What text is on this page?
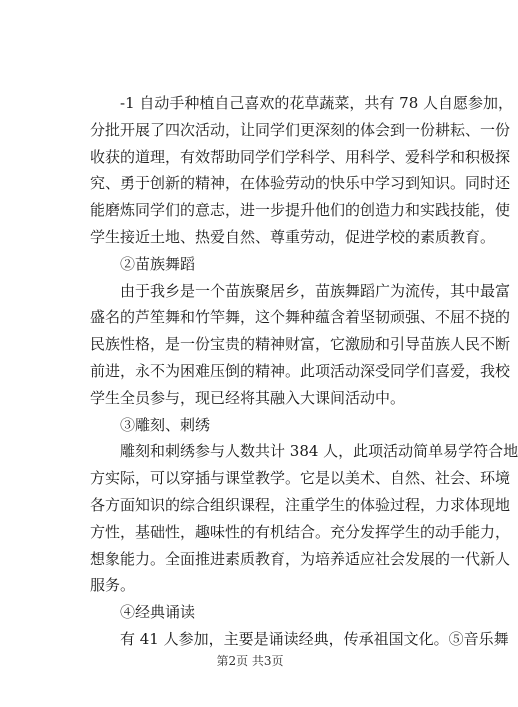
-1 自动手种植自己喜欢的花草蔬菜，共有 78 人自愿参加，
分批开展了四次活动，让同学们更深刻的体会到一份耕耘、一份
收获的道理，有效帮助同学们学科学、用科学、爱科学和积极探
究、勇于创新的精神，在体验劳动的快乐中学习到知识。同时还
能磨炼同学们的意志，进一步提升他们的创造力和实践技能，使
学生接近土地、热爱自然、尊重劳动，促进学校的素质教育。
②苗族舞蹈
由于我乡是一个苗族聚居乡，苗族舞蹈广为流传，其中最富
盛名的芦笙舞和竹竿舞，这个舞种蕴含着坚韧顽强、不屈不挠的
民族性格，是一份宝贵的精神财富，它激励和引导苗族人民不断
前进，永不为困难压倒的精神。此项活动深受同学们喜爱，我校
学生全员参与，现已经将其融入大课间活动中。
③雕刻、刺绣
雕刻和刺绣参与人数共计 384 人，此项活动简单易学符合地
方实际，可以穿插与课堂教学。它是以美术、自然、社会、环境
各方面知识的综合组织课程，注重学生的体验过程，力求体现地
方性，基础性，趣味性的有机结合。充分发挥学生的动手能力，
想象能力。全面推进素质教育，为培养适应社会发展的一代新人
服务。
④经典诵读
有 41 人参加，主要是诵读经典，传承祖国文化。⑤音乐舞
第2页 共3页
